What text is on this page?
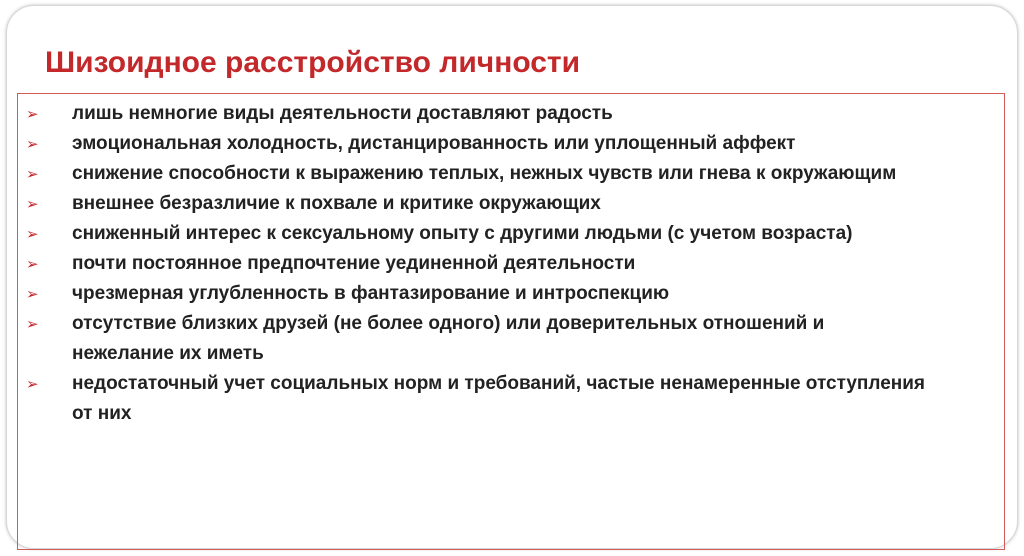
Шизоидное расстройство личности
➢	лишь немногие виды деятельности доставляют радость
➢	эмоциональная холодность, дистанцированность или уплощенный аффект
➢	снижение способности к выражению теплых, нежных чувств или гнева к окружающим
➢	внешнее безразличие к похвале и критике окружающих
➢	сниженный интерес к сексуальному опыту с другими людьми (с учетом возраста)
➢	почти постоянное предпочтение уединенной деятельности
➢	чрезмерная углубленность в фантазирование и интроспекцию
➢	отсутствие близких друзей (не более одного) или доверительных отношений и нежелание их иметь
➢	недостаточный учет социальных норм и требований, частые ненамеренные отступления от них
